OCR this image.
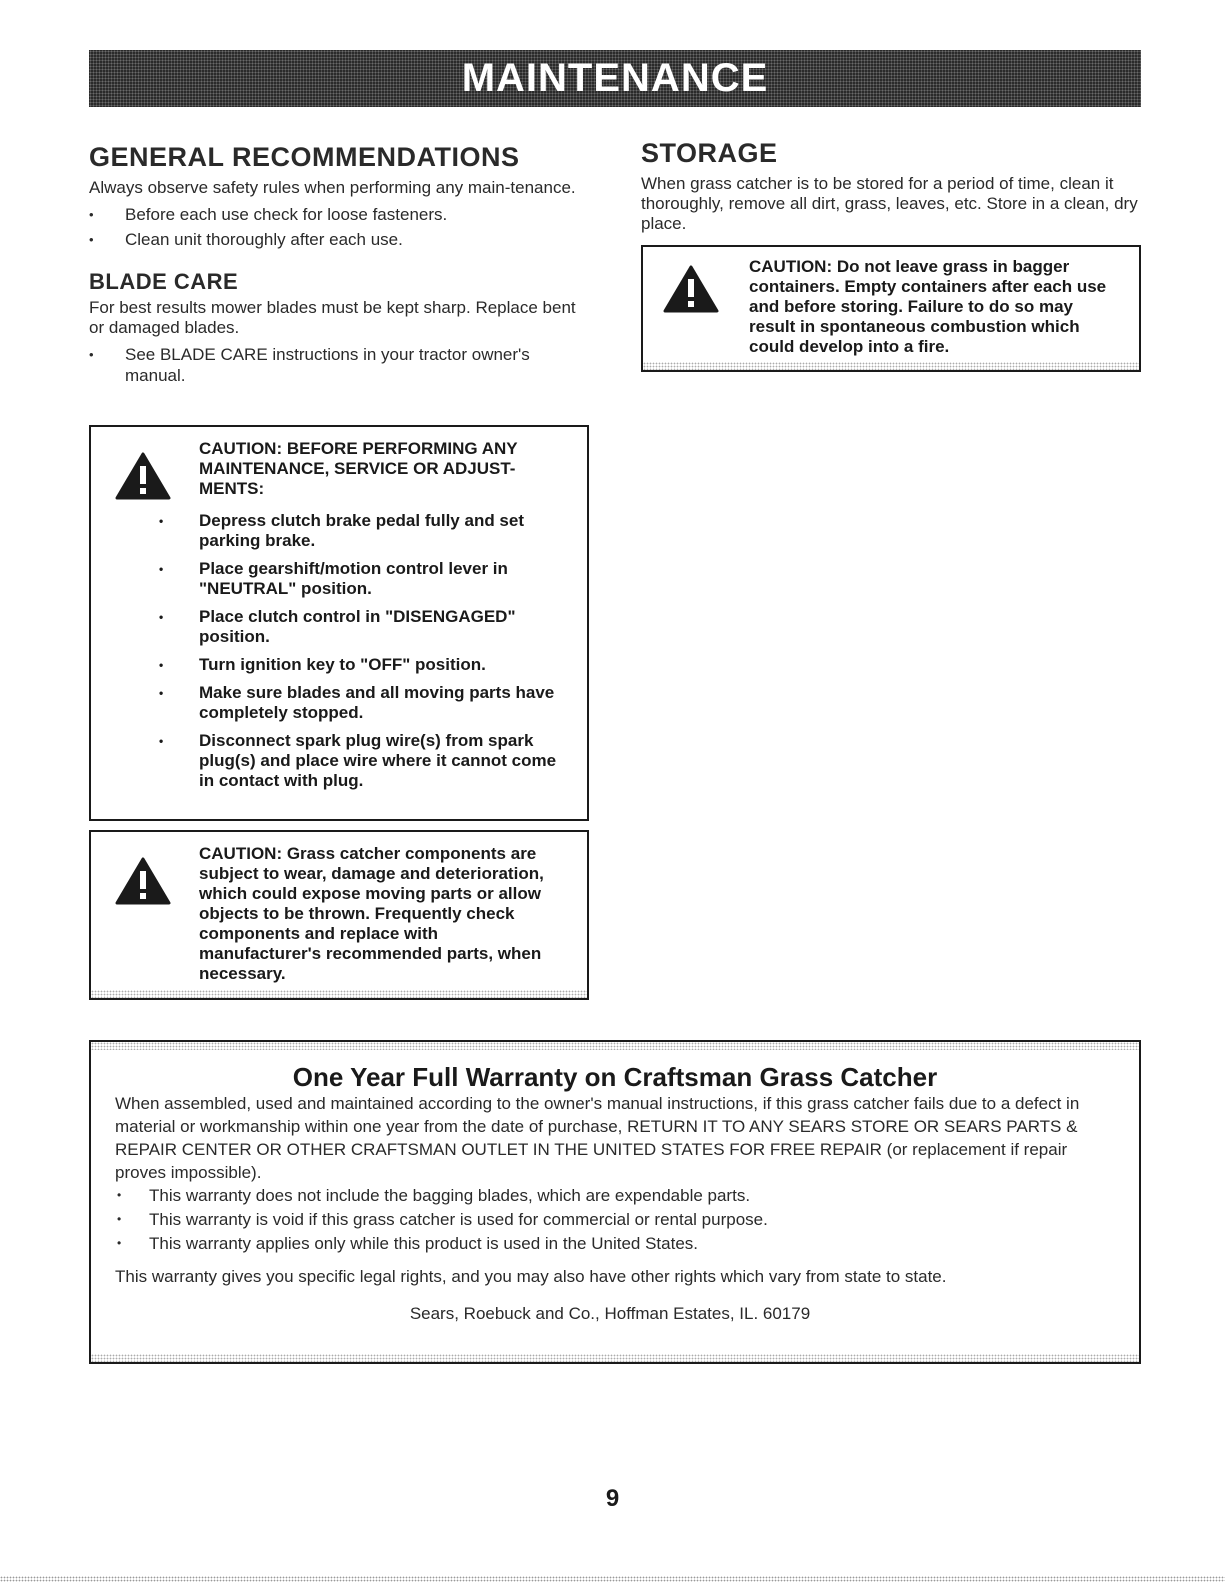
MAINTENANCE
GENERAL RECOMMENDATIONS

Always observe safety rules when performing any main-tenance.

• Before each use check for loose fasteners.
• Clean unit thoroughly after each use.
BLADE CARE

For best results mower blades must be kept sharp. Replace bent or damaged blades.

• See BLADE CARE instructions in your tractor owner's manual.
CAUTION: BEFORE PERFORMING ANY MAINTENANCE, SERVICE OR ADJUST-MENTS:
• Depress clutch brake pedal fully and set parking brake.
• Place gearshift/motion control lever in "NEUTRAL" position.
• Place clutch control in "DISENGAGED" position.
• Turn ignition key to "OFF" position.
• Make sure blades and all moving parts have completely stopped.
• Disconnect spark plug wire(s) from spark plug(s) and place wire where it cannot come in contact with plug.
CAUTION: Grass catcher components are subject to wear, damage and deterioration, which could expose moving parts or allow objects to be thrown. Frequently check components and replace with manufacturer's recommended parts, when necessary.
STORAGE

When grass catcher is to be stored for a period of time, clean it thoroughly, remove all dirt, grass, leaves, etc. Store in a clean, dry place.

CAUTION: Do not leave grass in bagger containers. Empty containers after each use and before storing. Failure to do so may result in spontaneous combustion which could develop into a fire.
One Year Full Warranty on Craftsman Grass Catcher
When assembled, used and maintained according to the owner's manual instructions, if this grass catcher fails due to a defect in material or workmanship within one year from the date of purchase, RETURN IT TO ANY SEARS STORE OR SEARS PARTS & REPAIR CENTER OR OTHER CRAFTSMAN OUTLET IN THE UNITED STATES FOR FREE REPAIR (or replacement if repair proves impossible).
• This warranty does not include the bagging blades, which are expendable parts.
• This warranty is void if this grass catcher is used for commercial or rental purpose.
• This warranty applies only while this product is used in the United States.
This warranty gives you specific legal rights, and you may also have other rights which vary from state to state.
Sears, Roebuck and Co., Hoffman Estates, IL. 60179
9
